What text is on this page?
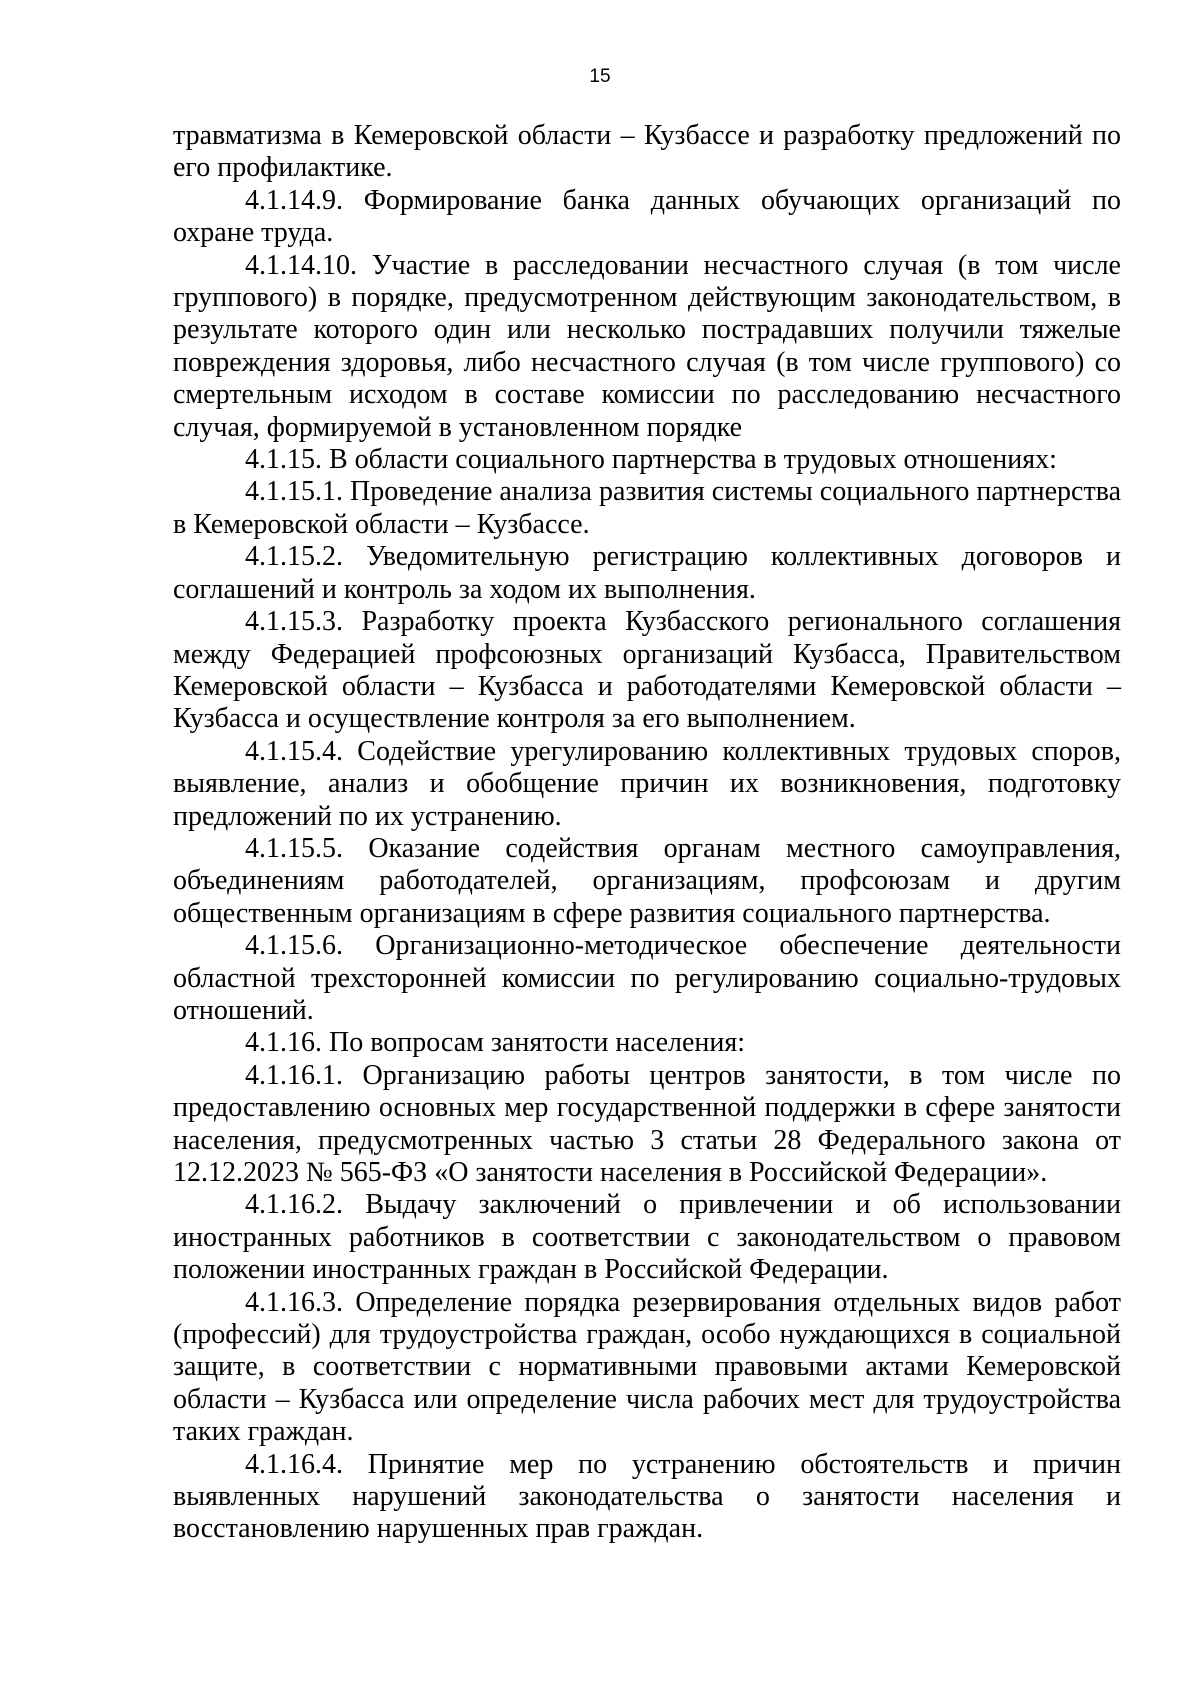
15

травматизма в Кемеровской области – Кузбассе и разработку предложений по его профилактике.

4.1.14.9. Формирование банка данных обучающих организаций по охране труда.

4.1.14.10. Участие в расследовании несчастного случая (в том числе группового) в порядке, предусмотренном действующим законодательством, в результате которого один или несколько пострадавших получили тяжелые повреждения здоровья, либо несчастного случая (в том числе группового) со смертельным исходом в составе комиссии по расследованию несчастного случая, формируемой в установленном порядке

4.1.15. В области социального партнерства в трудовых отношениях:

4.1.15.1. Проведение анализа развития системы социального партнерства в Кемеровской области – Кузбассе.

4.1.15.2. Уведомительную регистрацию коллективных договоров и соглашений и контроль за ходом их выполнения.

4.1.15.3. Разработку проекта Кузбасского регионального соглашения между Федерацией профсоюзных организаций Кузбасса, Правительством Кемеровской области – Кузбасса и работодателями Кемеровской области – Кузбасса и осуществление контроля за его выполнением.

4.1.15.4. Содействие урегулированию коллективных трудовых споров, выявление, анализ и обобщение причин их возникновения, подготовку предложений по их устранению.

4.1.15.5. Оказание содействия органам местного самоуправления, объединениям работодателей, организациям, профсоюзам и другим общественным организациям в сфере развития социального партнерства.

4.1.15.6. Организационно-методическое обеспечение деятельности областной трехсторонней комиссии по регулированию социально-трудовых отношений.

4.1.16. По вопросам занятости населения:

4.1.16.1. Организацию работы центров занятости, в том числе по предоставлению основных мер государственной поддержки в сфере занятости населения, предусмотренных частью 3 статьи 28 Федерального закона от 12.12.2023 № 565-ФЗ «О занятости населения в Российской Федерации».

4.1.16.2. Выдачу заключений о привлечении и об использовании иностранных работников в соответствии с законодательством о правовом положении иностранных граждан в Российской Федерации.

4.1.16.3. Определение порядка резервирования отдельных видов работ (профессий) для трудоустройства граждан, особо нуждающихся в социальной защите, в соответствии с нормативными правовыми актами Кемеровской области – Кузбасса или определение числа рабочих мест для трудоустройства таких граждан.

4.1.16.4. Принятие мер по устранению обстоятельств и причин выявленных нарушений законодательства о занятости населения и восстановлению нарушенных прав граждан.
